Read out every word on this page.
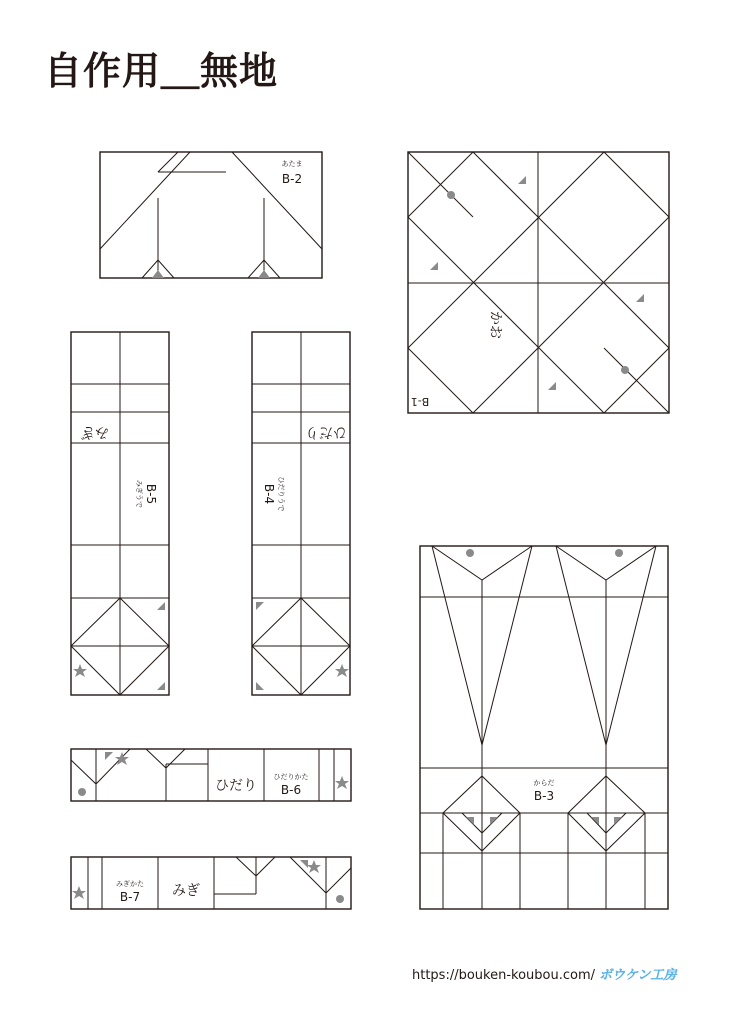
自作用＿無地
あたま
B-2
かお
B-1
みぎ
B-5
みぎうで
ひだり
B-4 ひだりうで
ひだり
ひだりかた
B-6
みぎかた
B-7 みぎ
からだ
B-3
https://bouken-koubou.com/ ボウケン工房
